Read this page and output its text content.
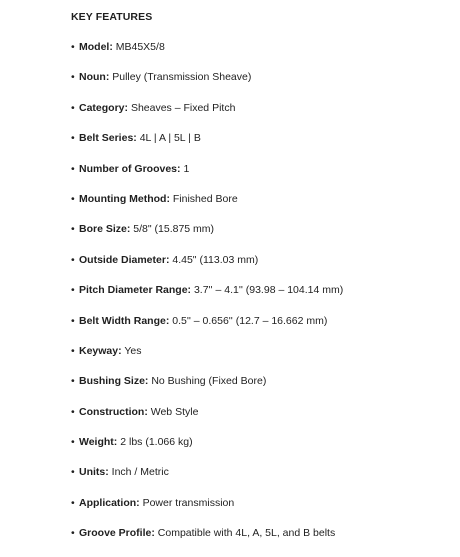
KEY FEATURES
• Model: MB45X5/8
• Noun: Pulley (Transmission Sheave)
• Category: Sheaves – Fixed Pitch
• Belt Series: 4L | A | 5L | B
• Number of Grooves: 1
• Mounting Method: Finished Bore
• Bore Size: 5/8" (15.875 mm)
• Outside Diameter: 4.45" (113.03 mm)
• Pitch Diameter Range: 3.7'' – 4.1'' (93.98 – 104.14 mm)
• Belt Width Range: 0.5'' – 0.656'' (12.7 – 16.662 mm)
• Keyway: Yes
• Bushing Size: No Bushing (Fixed Bore)
• Construction: Web Style
• Weight: 2 lbs (1.066 kg)
• Units: Inch / Metric
• Application: Power transmission
• Groove Profile: Compatible with 4L, A, 5L, and B belts
